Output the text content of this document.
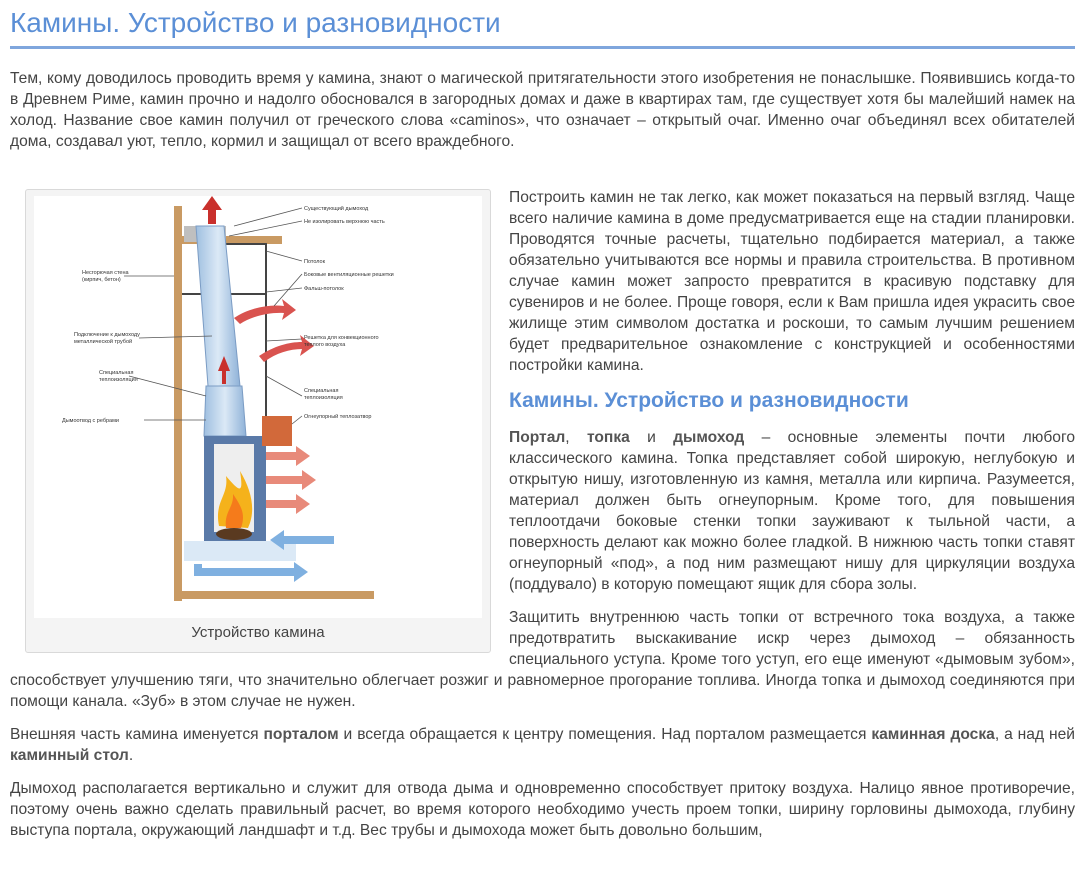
Камины. Устройство и разновидности

Тем, кому доводилось проводить время у камина, знают о магической притягательности этого изобретения не понаслышке. Появившись когда-то в Древнем Риме, камин прочно и надолго обосновался в загородных домах и даже в квартирах там, где существует хотя бы малейший намек на холод. Название свое камин получил от греческого слова «caminos», что означает – открытый очаг. Именно очаг объединял всех обитателей дома, создавал уют, тепло, кормил и защищал от всего враждебного.

Существующий дымоход
Не изолировать верхнюю часть
Потолок
Боковые вентиляционные решетки
Фальш-потолок
Решетка для конвекционного
теплого воздуха
Специальная
теплоизоляция
Огнеупорный теплозатвор
Несгорючая стена
(кирпич, бетон)
Подключение к дымоходу
металлической трубой
Специальная
теплоизоляция
Дымоотвод с ребрами
Устройство камина

Построить камин не так легко, как может показаться на первый взгляд. Чаще всего наличие камина в доме предусматривается еще на стадии планировки. Проводятся точные расчеты, тщательно подбирается материал, а также обязательно учитываются все нормы и правила строительства. В противном случае камин может запросто превратится в красивую подставку для сувениров и не более. Проще говоря, если к Вам пришла идея украсить свое жилище этим символом достатка и роскоши, то самым лучшим решением будет предварительное ознакомление с конструкцией и особенностями постройки камина.

Камины. Устройство и разновидности

Портал, топка и дымоход – основные элементы почти любого классического камина. Топка представляет собой широкую, неглубокую и открытую нишу, изготовленную из камня, металла или кирпича. Разумеется, материал должен быть огнеупорным. Кроме того, для повышения теплоотдачи боковые стенки топки зауживают к тыльной части, а поверхность делают как можно более гладкой. В нижнюю часть топки ставят огнеупорный «под», а под ним размещают нишу для циркуляции воздуха (поддувало) в которую помещают ящик для сбора золы.

Защитить внутреннюю часть топки от встречного тока воздуха, а также предотвратить выскакивание искр через дымоход – обязанность специального уступа. Кроме того уступ, его еще именуют «дымовым зубом», способствует улучшению тяги, что значительно облегчает розжиг и равномерное прогорание топлива. Иногда топка и дымоход соединяются при помощи канала. «Зуб» в этом случае не нужен.

Внешняя часть камина именуется порталом и всегда обращается к центру помещения. Над порталом размещается каминная доска, а над ней каминный стол.

Дымоход располагается вертикально и служит для отвода дыма и одновременно способствует притоку воздуха. Налицо явное противоречие, поэтому очень важно сделать правильный расчет, во время которого необходимо учесть проем топки, ширину горловины дымохода, глубину выступа портала, окружающий ландшафт и т.д. Вес трубы и дымохода может быть довольно большим,
